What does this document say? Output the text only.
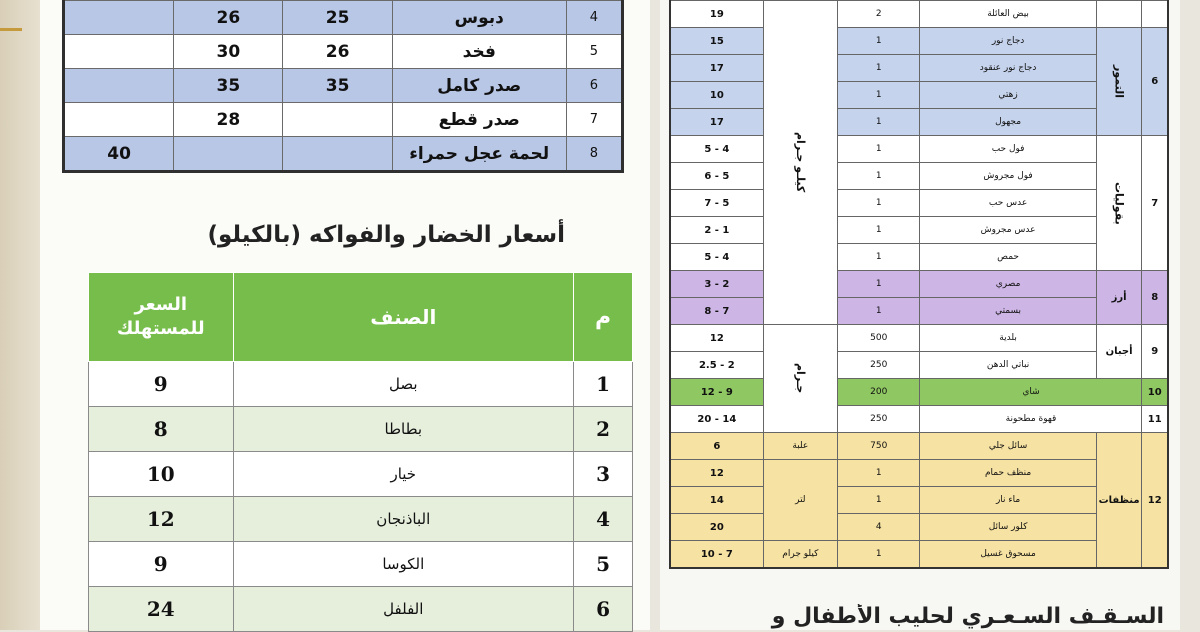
	26	25	دبوس	4
	30	26	فخد	5
	35	35	صدر كامل	6
	28		صدر قطع	7
40			لحمة عجل حمراء	8
أسعار الخضار والفواكه (بالكيلو)
السعر
للمستهلك	الصنف	م
9	بصل	1
8	بطاطا	2
10	خيار	3
12	الباذنجان	4
9	الكوسا	5
24	الفلفل	6
19	كيلـو جـرام	2	بيض العائلة		
15		1	دجاج نور	التمور	6
17		1	دجاج نور عنقود		
10		1	زهتي		
17		1	مجهول		
5 - 4		1	فول حب	بقوليات	7
6 - 5		1	فول مجروش		
7 - 5		1	عدس حب		
2 - 1		1	عدس مجروش		
5 - 4		1	حمص		
3 - 2		1	مصري	أرز	8
8 - 7		1	بسمتي		
12	جـرام	500	بلدية	أجبان	9
2.5 - 2		250	نباتي الدهن		
12 - 9		200	شاي		10
20 - 14		250	قهوة مطحونة		11
6	علبة	750	سائل جلي	منظفات	12
12	لتر	1	منظف حمام		
14		1	ماء نار		
20		4	كلور سائل		
10 - 7	كيلو جرام	1	مسحوق غسيل		
السـقـف السـعـري لحليب الأطفال و
